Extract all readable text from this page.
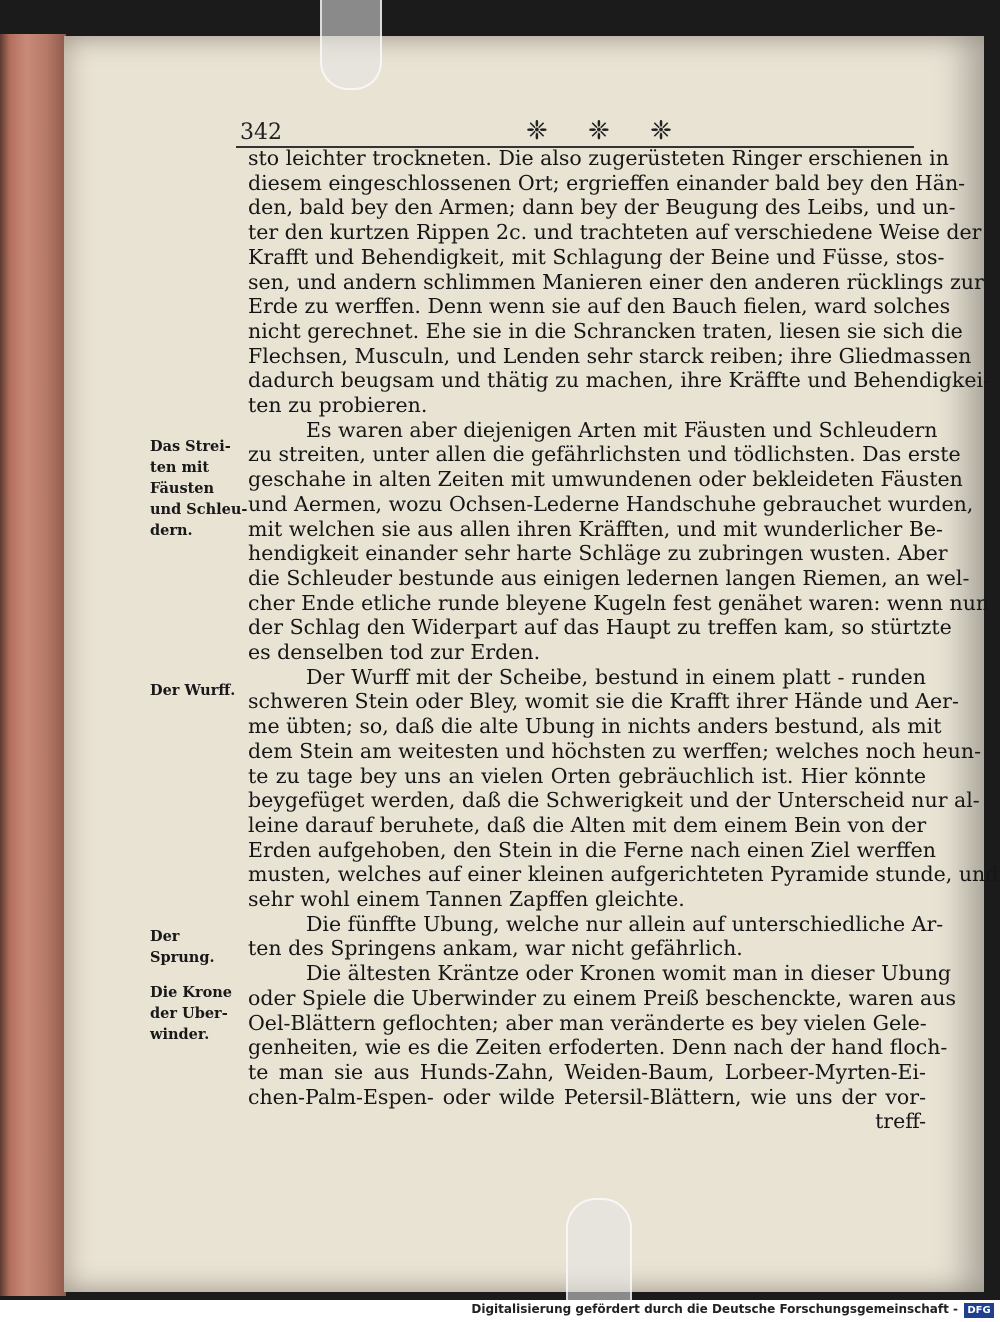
342	❈ ❈ ❈
sto leichter trockneten. Die also zugerüsteten Ringer erschienen in
diesem eingeschlossenen Ort; ergrieffen einander bald bey den Hän-
den, bald bey den Armen; dann bey der Beugung des Leibs, und un-
ter den kurtzen Rippen 2c. und trachteten auf verschiedene Weise der
Krafft und Behendigkeit, mit Schlagung der Beine und Füsse, stos-
sen, und andern schlimmen Manieren einer den anderen rücklings zur
Erde zu werffen. Denn wenn sie auf den Bauch fielen, ward solches
nicht gerechnet. Ehe sie in die Schrancken traten, liesen sie sich die
Flechsen, Musculn, und Lenden sehr starck reiben; ihre Gliedmassen
dadurch beugsam und thätig zu machen, ihre Kräffte und Behendigkei-
ten zu probieren.
Es waren aber diejenigen Arten mit Fäusten und Schleudern
zu streiten, unter allen die gefährlichsten und tödlichsten. Das erste
geschahe in alten Zeiten mit umwundenen oder bekleideten Fäusten
und Aermen, wozu Ochsen-Lederne Handschuhe gebrauchet wurden,
mit welchen sie aus allen ihren Kräfften, und mit wunderlicher Be-
hendigkeit einander sehr harte Schläge zu zubringen wusten. Aber
die Schleuder bestunde aus einigen ledernen langen Riemen, an wel-
cher Ende etliche runde bleyene Kugeln fest genähet waren: wenn nun
der Schlag den Widerpart auf das Haupt zu treffen kam, so stürtzte
es denselben tod zur Erden.
Der Wurff mit der Scheibe, bestund in einem platt - runden
schweren Stein oder Bley, womit sie die Krafft ihrer Hände und Aer-
me übten; so, daß die alte Ubung in nichts anders bestund, als mit
dem Stein am weitesten und höchsten zu werffen; welches noch heun-
te zu tage bey uns an vielen Orten gebräuchlich ist. Hier könnte
beygefüget werden, daß die Schwerigkeit und der Unterscheid nur al-
leine darauf beruhete, daß die Alten mit dem einem Bein von der
Erden aufgehoben, den Stein in die Ferne nach einen Ziel werffen
musten, welches auf einer kleinen aufgerichteten Pyramide stunde, und
sehr wohl einem Tannen Zapffen gleichte.
Die fünffte Ubung, welche nur allein auf unterschiedliche Ar-
ten des Springens ankam, war nicht gefährlich.
Die ältesten Kräntze oder Kronen womit man in dieser Ubung
oder Spiele die Uberwinder zu einem Preiß beschenckte, waren aus
Oel-Blättern geflochten; aber man veränderte es bey vielen Gele-
genheiten, wie es die Zeiten erfoderten. Denn nach der hand floch-
te man sie aus Hunds-Zahn, Weiden-Baum, Lorbeer-Myrten-Ei-
chen-Palm-Espen- oder wilde Petersil-Blättern, wie uns der vor-
treff-
Das Strei-
ten mit
Fäusten
und Schleu-
dern.
Der Wurff.
Der
Sprung.
Die Krone
der Uber-
winder.
Digitalisierung gefördert durch die Deutsche Forschungsgemeinschaft - DFG
